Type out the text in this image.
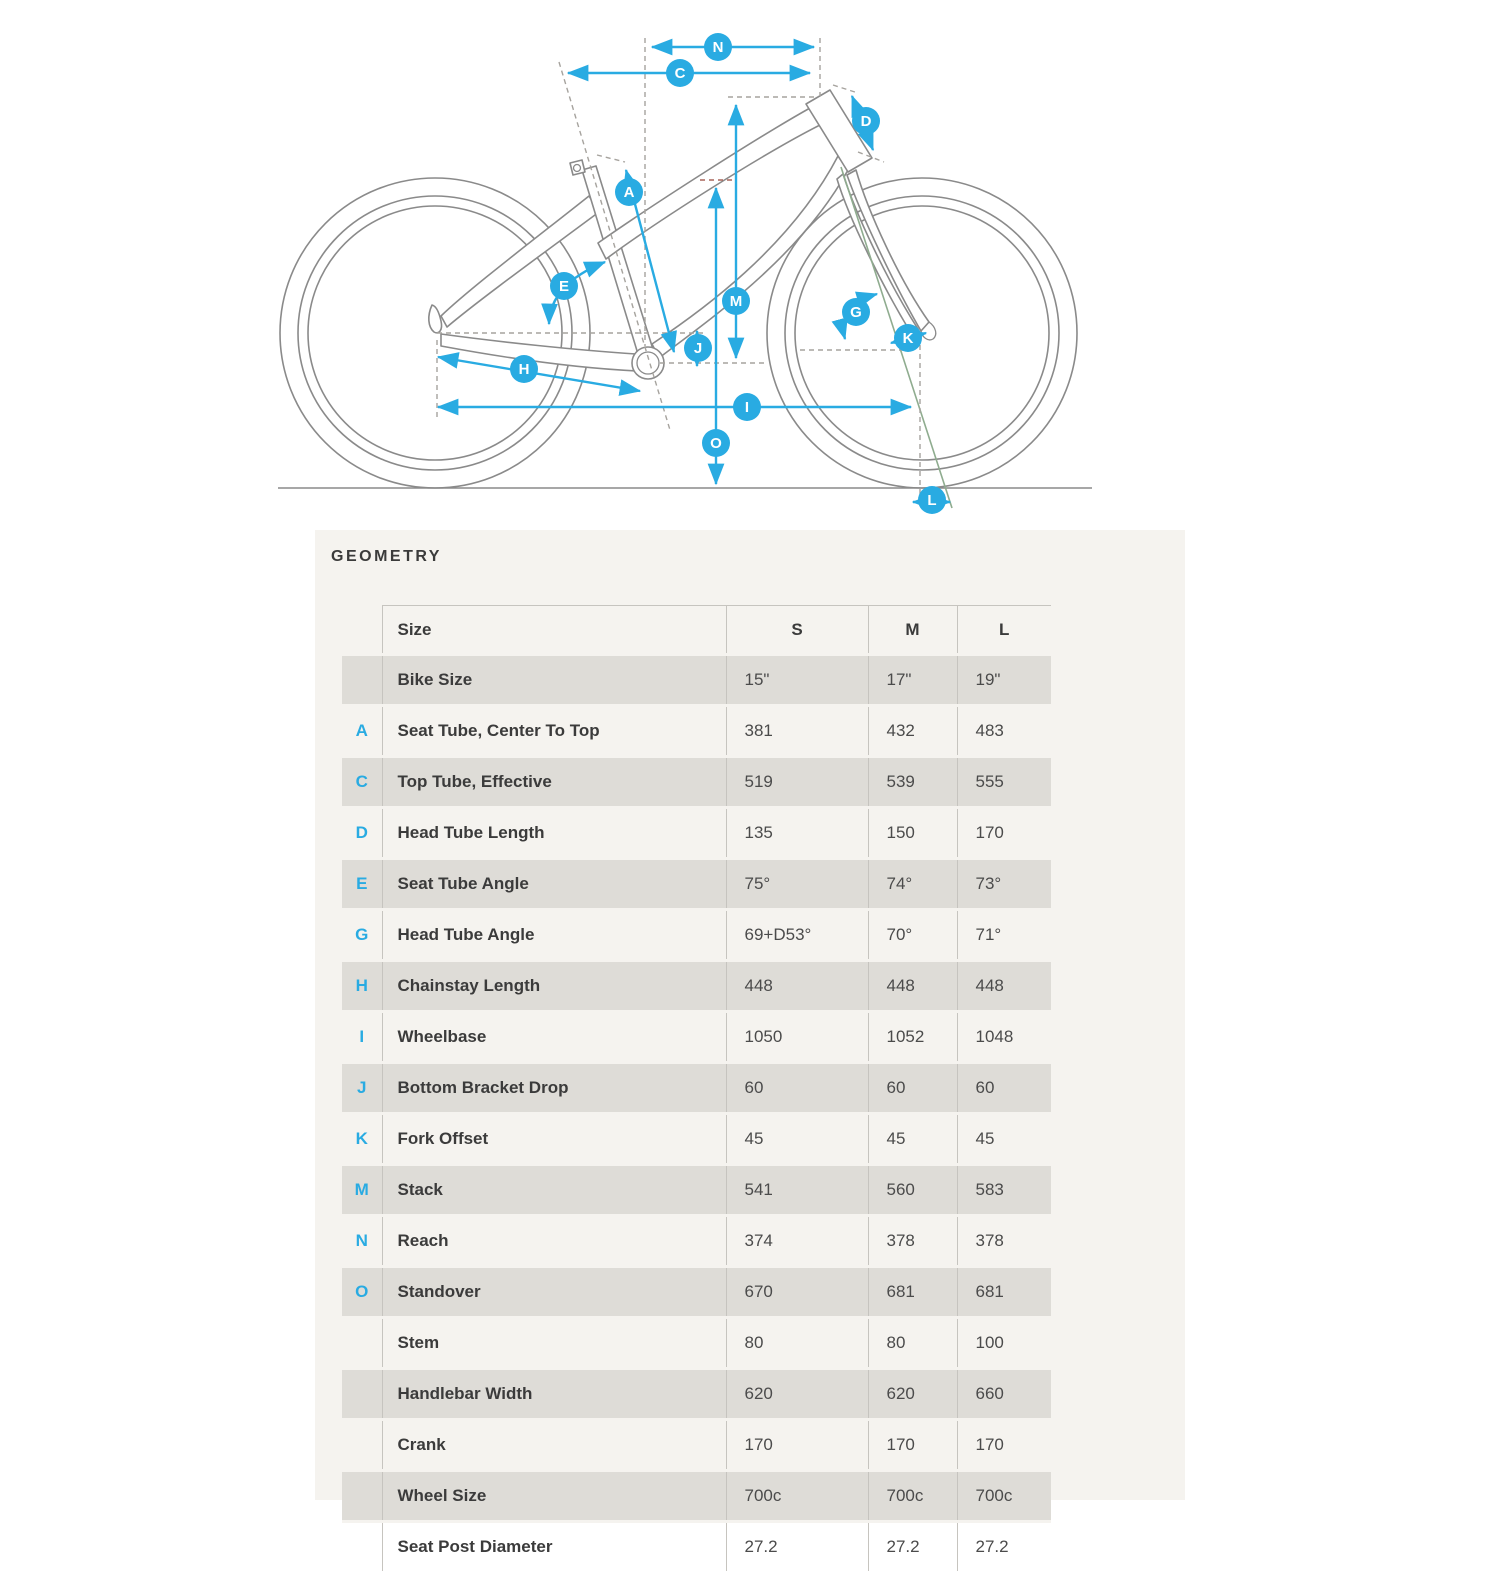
N
C
D
A
E
M
G
K
J
H
I
O
L
GEOMETRY
	Size	S	M	L
	Bike Size	15"	17"	19"
A	Seat Tube, Center To Top	381	432	483
C	Top Tube, Effective	519	539	555
D	Head Tube Length	135	150	170
E	Seat Tube Angle	75°	74°	73°
G	Head Tube Angle	69+D53°	70°	71°
H	Chainstay Length	448	448	448
I	Wheelbase	1050	1052	1048
J	Bottom Bracket Drop	60	60	60
K	Fork Offset	45	45	45
M	Stack	541	560	583
N	Reach	374	378	378
O	Standover	670	681	681
	Stem	80	80	100
	Handlebar Width	620	620	660
	Crank	170	170	170
	Wheel Size	700c	700c	700c
	Seat Post Diameter	27.2	27.2	27.2
